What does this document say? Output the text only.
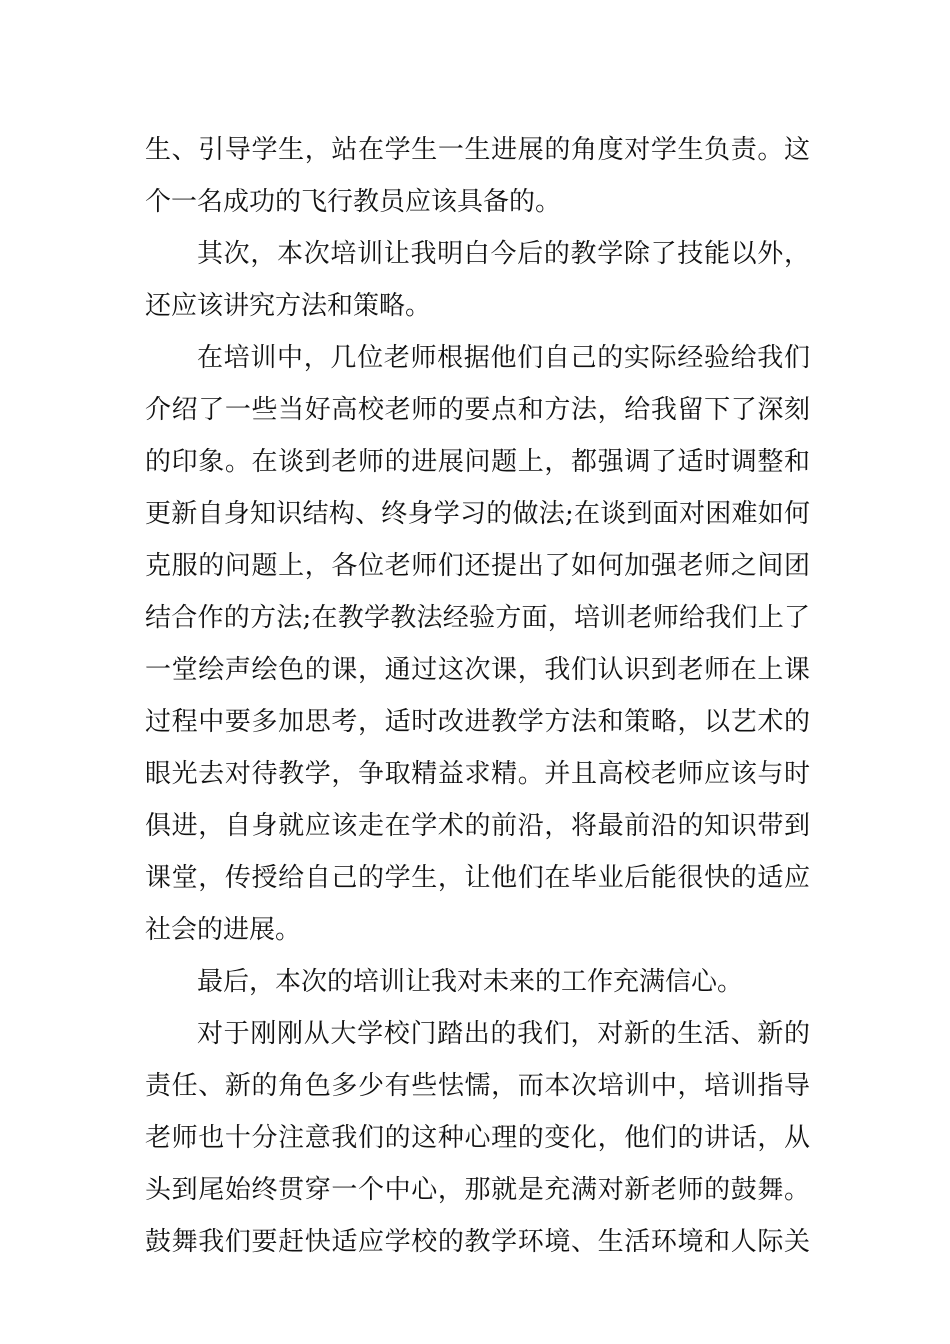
生、引导学生，站在学生一生进展的角度对学生负责。这
个一名成功的飞行教员应该具备的。
其次，本次培训让我明白今后的教学除了技能以外，
还应该讲究方法和策略。
在培训中，几位老师根据他们自己的实际经验给我们
介绍了一些当好高校老师的要点和方法，给我留下了深刻
的印象。在谈到老师的进展问题上，都强调了适时调整和
更新自身知识结构、终身学习的做法;在谈到面对困难如何
克服的问题上，各位老师们还提出了如何加强老师之间团
结合作的方法;在教学教法经验方面，培训老师给我们上了
一堂绘声绘色的课，通过这次课，我们认识到老师在上课
过程中要多加思考，适时改进教学方法和策略，以艺术的
眼光去对待教学，争取精益求精。并且高校老师应该与时
俱进，自身就应该走在学术的前沿，将最前沿的知识带到
课堂，传授给自己的学生，让他们在毕业后能很快的适应
社会的进展。
最后，本次的培训让我对未来的工作充满信心。
对于刚刚从大学校门踏出的我们，对新的生活、新的
责任、新的角色多少有些怯懦，而本次培训中，培训指导
老师也十分注意我们的这种心理的变化，他们的讲话，从
头到尾始终贯穿一个中心，那就是充满对新老师的鼓舞。
鼓舞我们要赶快适应学校的教学环境、生活环境和人际关
